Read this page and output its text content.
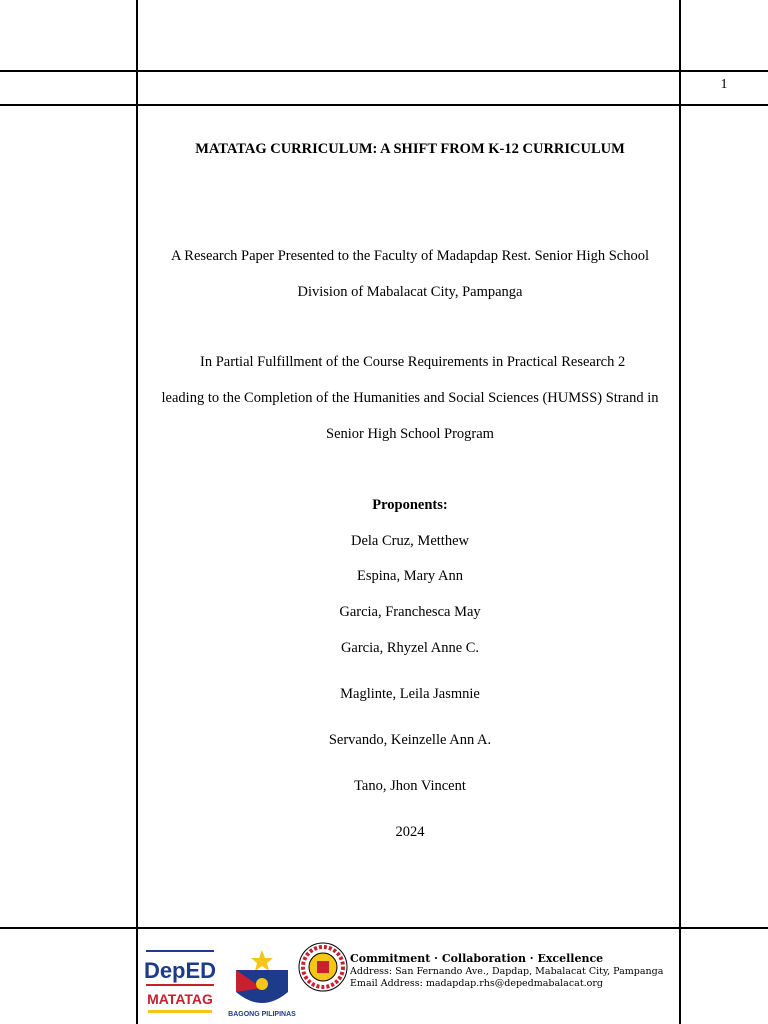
1
MATATAG CURRICULUM: A SHIFT FROM K-12 CURRICULUM
A Research Paper Presented to the Faculty of Madapdap Rest. Senior High School
Division of Mabalacat City, Pampanga
In Partial Fulfillment of the Course Requirements in Practical Research 2
leading to the Completion of the Humanities and Social Sciences (HUMSS) Strand in
Senior High School Program
Proponents:
Dela Cruz, Metthew
Espina, Mary Ann
Garcia, Franchesca May
Garcia, Rhyzel Anne C.
Maglinte, Leila Jasmnie
Servando, Keinzelle Ann A.
Tano, Jhon Vincent
2024
DepED
MATATAG
BAGONG PILIPINAS
Commitment · Collaboration · Excellence
Address: San Fernando Ave., Dapdap, Mabalacat City, Pampanga
Email Address: madapdap.rhs@depedmabalacat.org
